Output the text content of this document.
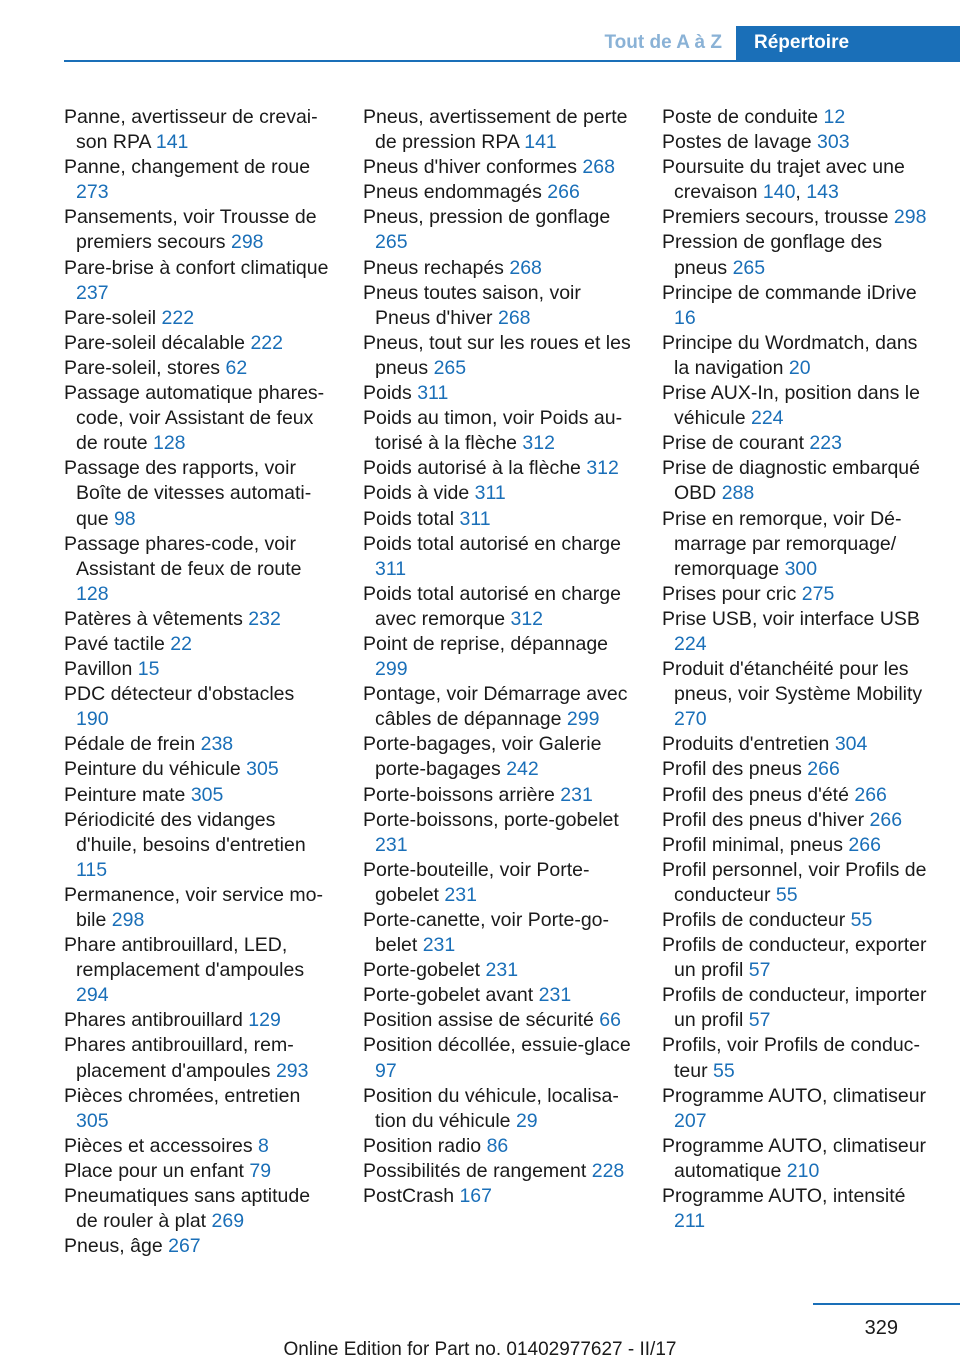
Tout de A à Z	Répertoire
Panne, avertisseur de crevaison RPA 141
Panne, changement de roue 273
Pansements, voir Trousse de premiers secours 298
Pare-brise à confort climatique 237
Pare-soleil 222
Pare-soleil décalable 222
Pare-soleil, stores 62
Passage automatique phares-code, voir Assistant de feux de route 128
Passage des rapports, voir Boîte de vitesses automatique 98
Passage phares-code, voir Assistant de feux de route 128
Patères à vêtements 232
Pavé tactile 22
Pavillon 15
PDC détecteur d'obstacles 190
Pédale de frein 238
Peinture du véhicule 305
Peinture mate 305
Périodicité des vidanges d'huile, besoins d'entretien 115
Permanence, voir service mobile 298
Phare antibrouillard, LED, remplacement d'ampoules 294
Phares antibrouillard 129
Phares antibrouillard, remplacement d'ampoules 293
Pièces chromées, entretien 305
Pièces et accessoires 8
Place pour un enfant 79
Pneumatiques sans aptitude de rouler à plat 269
Pneus, âge 267
Pneus, avertissement de perte de pression RPA 141
Pneus d'hiver conformes 268
Pneus endommagés 266
Pneus, pression de gonflage 265
Pneus rechapés 268
Pneus toutes saison, voir Pneus d'hiver 268
Pneus, tout sur les roues et les pneus 265
Poids 311
Poids au timon, voir Poids autorisé à la flèche 312
Poids autorisé à la flèche 312
Poids à vide 311
Poids total 311
Poids total autorisé en charge 311
Poids total autorisé en charge avec remorque 312
Point de reprise, dépannage 299
Pontage, voir Démarrage avec câbles de dépannage 299
Porte-bagages, voir Galerie porte-bagages 242
Porte-boissons arrière 231
Porte-boissons, porte-gobelet 231
Porte-bouteille, voir Porte-gobelet 231
Porte-canette, voir Porte-gobelet 231
Porte-gobelet 231
Porte-gobelet avant 231
Position assise de sécurité 66
Position décollée, essuie-glace 97
Position du véhicule, localisation du véhicule 29
Position radio 86
Possibilités de rangement 228
PostCrash 167
Poste de conduite 12
Postes de lavage 303
Poursuite du trajet avec une crevaison 140, 143
Premiers secours, trousse 298
Pression de gonflage des pneus 265
Principe de commande iDrive 16
Principe du Wordmatch, dans la navigation 20
Prise AUX-In, position dans le véhicule 224
Prise de courant 223
Prise de diagnostic embarqué OBD 288
Prise en remorque, voir Démarrage par remorquage/ remorquage 300
Prises pour cric 275
Prise USB, voir interface USB 224
Produit d'étanchéité pour les pneus, voir Système Mobility 270
Produits d'entretien 304
Profil des pneus 266
Profil des pneus d'été 266
Profil des pneus d'hiver 266
Profil minimal, pneus 266
Profil personnel, voir Profils de conducteur 55
Profils de conducteur 55
Profils de conducteur, exporter un profil 57
Profils de conducteur, importer un profil 57
Profils, voir Profils de conducteur 55
Programme AUTO, climatiseur 207
Programme AUTO, climatiseur automatique 210
Programme AUTO, intensité 211
329
Online Edition for Part no. 01402977627 - II/17
